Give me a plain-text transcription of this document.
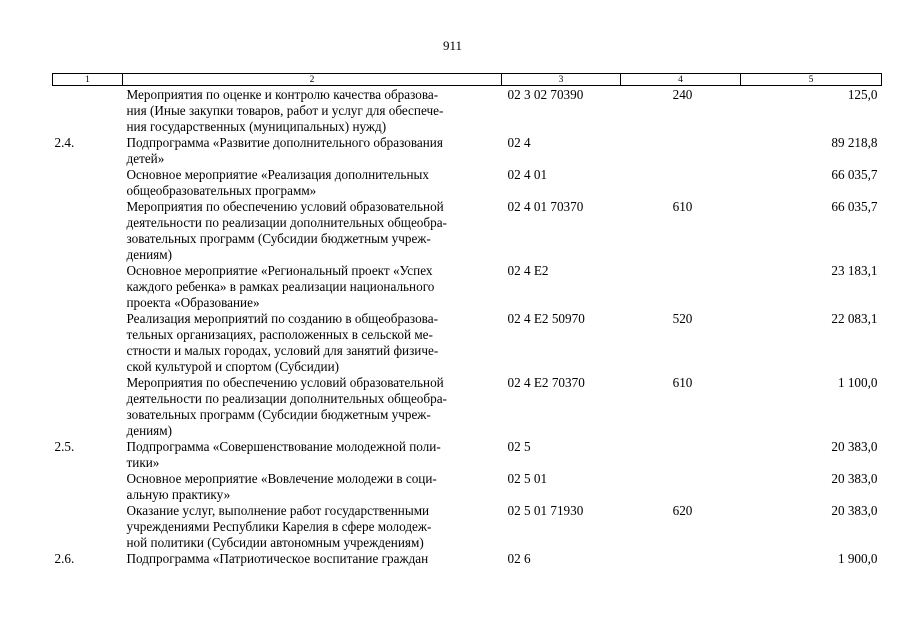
911
1	2	3	4	5
	Мероприятия по оценке и контролю качества образова-
ния (Иные закупки товаров, работ и услуг для обеспече-
ния государственных (муниципальных) нужд)	02 3 02 70390	240	125,0
2.4.	Подпрограмма «Развитие дополнительного образования
детей»	02 4		89 218,8
	Основное мероприятие «Реализация дополнительных
общеобразовательных программ»	02 4 01		66 035,7
	Мероприятия по обеспечению условий образовательной
деятельности по реализации дополнительных общеобра-
зовательных программ (Субсидии бюджетным учреж-
дениям)	02 4 01 70370	610	66 035,7
	Основное мероприятие «Региональный проект «Успех
каждого ребенка» в рамках реализации национального
проекта «Образование»	02 4 E2		23 183,1
	Реализация мероприятий по созданию в общеобразова-
тельных организациях, расположенных в сельской ме-
стности и малых городах, условий для занятий физиче-
ской культурой и спортом (Субсидии)	02 4 E2 50970	520	22 083,1
	Мероприятия по обеспечению условий образовательной
деятельности по реализации дополнительных общеобра-
зовательных программ (Субсидии бюджетным учреж-
дениям)	02 4 E2 70370	610	1 100,0
2.5.	Подпрограмма «Совершенствование молодежной поли-
тики»	02 5		20 383,0
	Основное мероприятие «Вовлечение молодежи в соци-
альную практику»	02 5 01		20 383,0
	Оказание услуг, выполнение работ государственными
учреждениями Республики Карелия в сфере молодеж-
ной политики (Субсидии автономным учреждениям)	02 5 01 71930	620	20 383,0
2.6.	Подпрограмма «Патриотическое воспитание граждан	02 6		1 900,0
